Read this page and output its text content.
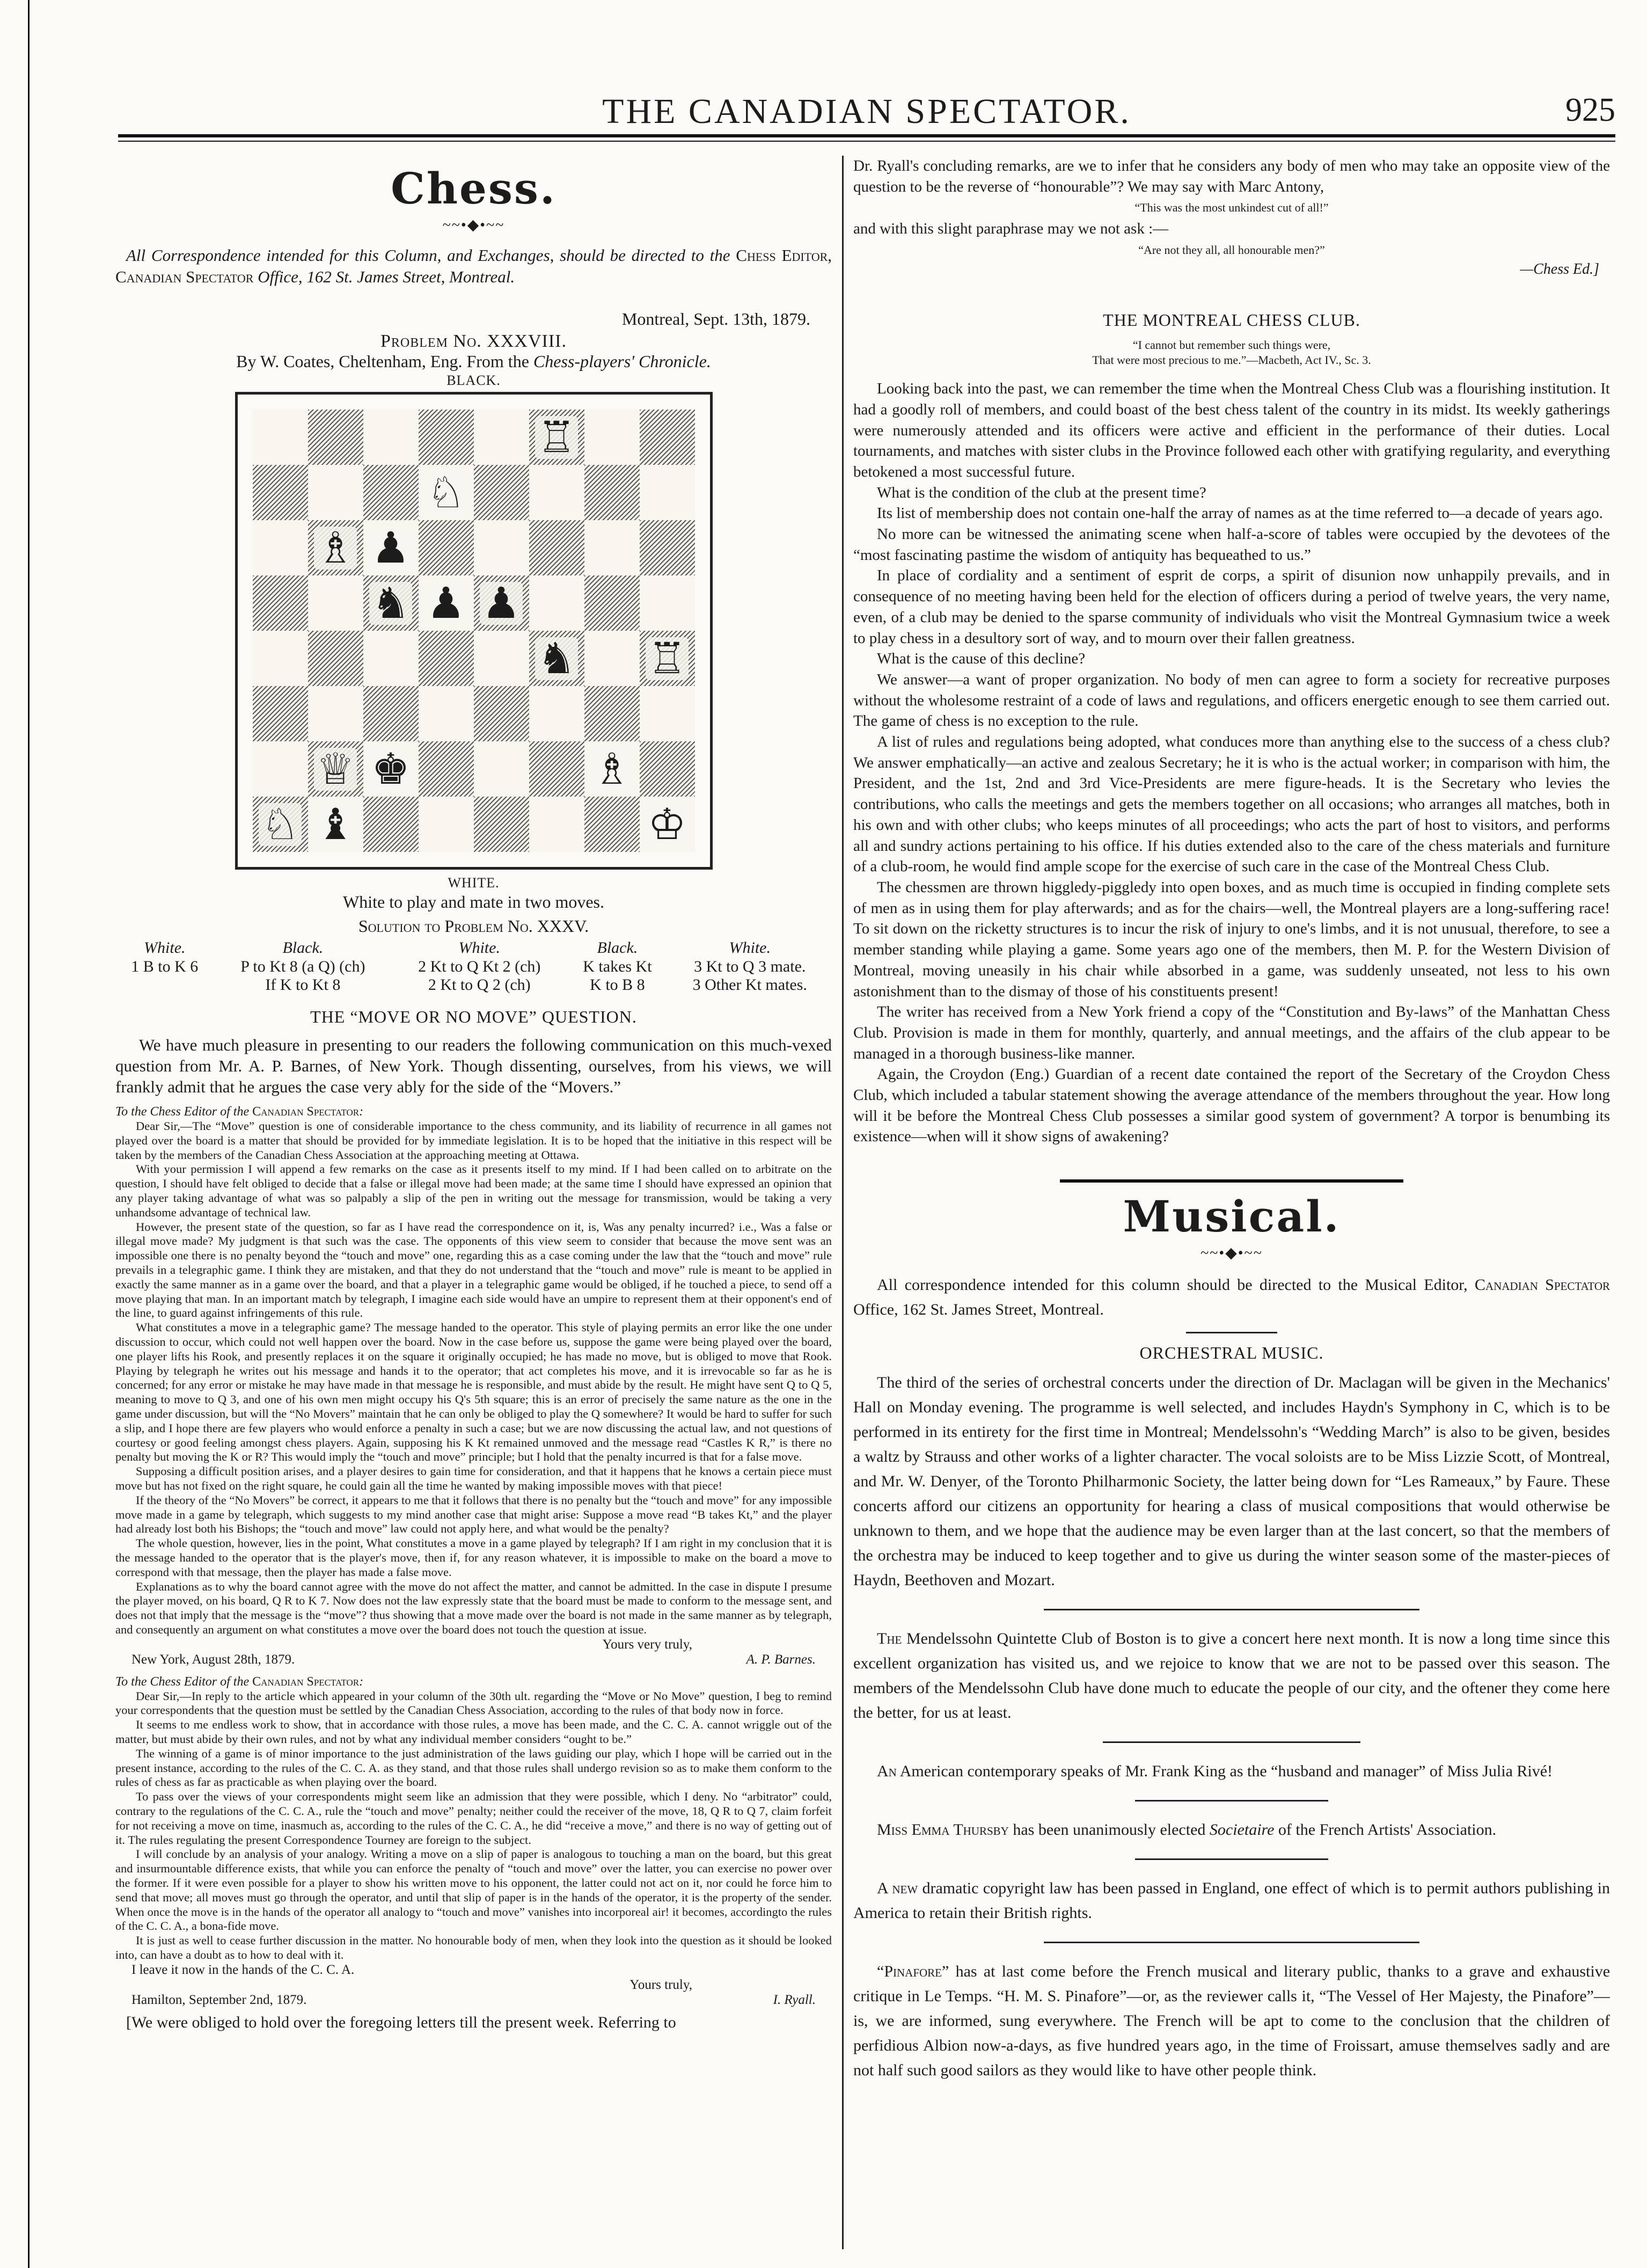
THE CANADIAN SPECTATOR.	925
Chess.
~~•◆•~~

All Correspondence intended for this Column, and Exchanges, should be directed to the Chess Editor, Canadian Spectator Office, 162 St. James Street, Montreal.

Montreal, Sept. 13th, 1879.
Problem No. XXXVIII.
By W. Coates, Cheltenham, Eng. From the Chess-players' Chronicle.
BLACK.
♖
♘
♗ ♟
♞ ♟ ♟
♞ ♖
♕ ♚	♗
♘ ♝	♔
WHITE.
White to play and mate in two moves.
Solution to Problem No. XXXV.
White.	Black.	White.	Black.	White.
1 B to K 6	P to Kt 8 (a Q) (ch)	2 Kt to Q Kt 2 (ch)	K takes Kt	3 Kt to Q 3 mate.
	If K to Kt 8	2 Kt to Q 2 (ch)	K to B 8	3 Other Kt mates.
THE “MOVE OR NO MOVE” QUESTION.

We have much pleasure in presenting to our readers the following communication on this much-vexed question from Mr. A. P. Barnes, of New York. Though dissenting, ourselves, from his views, we will frankly admit that he argues the case very ably for the side of the “Movers.”

To the Chess Editor of the Canadian Spectator:

Dear Sir,—The “Move” question is one of considerable importance to the chess community, and its liability of recurrence in all games not played over the board is a matter that should be provided for by immediate legislation. It is to be hoped that the initiative in this respect will be taken by the members of the Canadian Chess Association at the approaching meeting at Ottawa.

With your permission I will append a few remarks on the case as it presents itself to my mind. If I had been called on to arbitrate on the question, I should have felt obliged to decide that a false or illegal move had been made; at the same time I should have expressed an opinion that any player taking advantage of what was so palpably a slip of the pen in writing out the message for transmission, would be taking a very unhandsome advantage of technical law.

However, the present state of the question, so far as I have read the correspondence on it, is, Was any penalty incurred? i.e., Was a false or illegal move made? My judgment is that such was the case. The opponents of this view seem to consider that because the move sent was an impossible one there is no penalty beyond the “touch and move” one, regarding this as a case coming under the law that the “touch and move” rule prevails in a telegraphic game. I think they are mistaken, and that they do not understand that the “touch and move” rule is meant to be applied in exactly the same manner as in a game over the board, and that a player in a telegraphic game would be obliged, if he touched a piece, to send off a move playing that man. In an important match by telegraph, I imagine each side would have an umpire to represent them at their opponent's end of the line, to guard against infringements of this rule.

What constitutes a move in a telegraphic game? The message handed to the operator. This style of playing permits an error like the one under discussion to occur, which could not well happen over the board. Now in the case before us, suppose the game were being played over the board, one player lifts his Rook, and presently replaces it on the square it originally occupied; he has made no move, but is obliged to move that Rook. Playing by telegraph he writes out his message and hands it to the operator; that act completes his move, and it is irrevocable so far as he is concerned; for any error or mistake he may have made in that message he is responsible, and must abide by the result. He might have sent Q to Q 5, meaning to move to Q 3, and one of his own men might occupy his Q's 5th square; this is an error of precisely the same nature as the one in the game under discussion, but will the “No Movers” maintain that he can only be obliged to play the Q somewhere? It would be hard to suffer for such a slip, and I hope there are few players who would enforce a penalty in such a case; but we are now discussing the actual law, and not questions of courtesy or good feeling amongst chess players. Again, supposing his K Kt remained unmoved and the message read “Castles K R,” is there no penalty but moving the K or R? This would imply the “touch and move” principle; but I hold that the penalty incurred is that for a false move.

Supposing a difficult position arises, and a player desires to gain time for consideration, and that it happens that he knows a certain piece must move but has not fixed on the right square, he could gain all the time he wanted by making impossible moves with that piece!

If the theory of the “No Movers” be correct, it appears to me that it follows that there is no penalty but the “touch and move” for any impossible move made in a game by telegraph, which suggests to my mind another case that might arise: Suppose a move read “B takes Kt,” and the player had already lost both his Bishops; the “touch and move” law could not apply here, and what would be the penalty?

The whole question, however, lies in the point, What constitutes a move in a game played by telegraph? If I am right in my conclusion that it is the message handed to the operator that is the player's move, then if, for any reason whatever, it is impossible to make on the board a move to correspond with that message, then the player has made a false move.

Explanations as to why the board cannot agree with the move do not affect the matter, and cannot be admitted. In the case in dispute I presume the player moved, on his board, Q R to K 7. Now does not the law expressly state that the board must be made to conform to the message sent, and does not that imply that the message is the “move”? thus showing that a move made over the board is not made in the same manner as by telegraph, and consequently an argument on what constitutes a move over the board does not touch the question at issue.

Yours very truly,
New York, August 28th, 1879.	A. P. Barnes.
To the Chess Editor of the Canadian Spectator:

Dear Sir,—In reply to the article which appeared in your column of the 30th ult. regarding the “Move or No Move” question, I beg to remind your correspondents that the question must be settled by the Canadian Chess Association, according to the rules of that body now in force.

It seems to me endless work to show, that in accordance with those rules, a move has been made, and the C. C. A. cannot wriggle out of the matter, but must abide by their own rules, and not by what any individual member considers “ought to be.”

The winning of a game is of minor importance to the just administration of the laws guiding our play, which I hope will be carried out in the present instance, according to the rules of the C. C. A. as they stand, and that those rules shall undergo revision so as to make them conform to the rules of chess as far as practicable as when playing over the board.

To pass over the views of your correspondents might seem like an admission that they were possible, which I deny. No “arbitrator” could, contrary to the regulations of the C. C. A., rule the “touch and move” penalty; neither could the receiver of the move, 18, Q R to Q 7, claim forfeit for not receiving a move on time, inasmuch as, according to the rules of the C. C. A., he did “receive a move,” and there is no way of getting out of it. The rules regulating the present Correspondence Tourney are foreign to the subject.

I will conclude by an analysis of your analogy. Writing a move on a slip of paper is analogous to touching a man on the board, but this great and insurmountable difference exists, that while you can enforce the penalty of “touch and move” over the latter, you can exercise no power over the former. If it were even possible for a player to show his written move to his opponent, the latter could not act on it, nor could he force him to send that move; all moves must go through the operator, and until that slip of paper is in the hands of the operator, it is the property of the sender. When once the move is in the hands of the operator all analogy to “touch and move” vanishes into incorporeal air! it becomes, accordingto the rules of the C. C. A., a bona-fide move.

It is just as well to cease further discussion in the matter. No honourable body of men, when they look into the question as it should be looked into, can have a doubt as to how to deal with it.

I leave it now in the hands of the C. C. A.
Yours truly,
Hamilton, September 2nd, 1879.	I. Ryall.

[We were obliged to hold over the foregoing letters till the present week. Referring to

Dr. Ryall's concluding remarks, are we to infer that he considers any body of men who may take an opposite view of the question to be the reverse of “honourable”? We may say with Marc Antony,

“This was the most unkindest cut of all!”

and with this slight paraphrase may we not ask :—

“Are not they all, all honourable men?”
—Chess Ed.]
THE MONTREAL CHESS CLUB.
“I cannot but remember such things were,
That were most precious to me.”—Macbeth, Act IV., Sc. 3.

Looking back into the past, we can remember the time when the Montreal Chess Club was a flourishing institution. It had a goodly roll of members, and could boast of the best chess talent of the country in its midst. Its weekly gatherings were numerously attended and its officers were active and efficient in the performance of their duties. Local tournaments, and matches with sister clubs in the Province followed each other with gratifying regularity, and everything betokened a most successful future.

What is the condition of the club at the present time?

Its list of membership does not contain one-half the array of names as at the time referred to—a decade of years ago.

No more can be witnessed the animating scene when half-a-score of tables were occupied by the devotees of the “most fascinating pastime the wisdom of antiquity has bequeathed to us.”

In place of cordiality and a sentiment of esprit de corps, a spirit of disunion now unhappily prevails, and in consequence of no meeting having been held for the election of officers during a period of twelve years, the very name, even, of a club may be denied to the sparse community of individuals who visit the Montreal Gymnasium twice a week to play chess in a desultory sort of way, and to mourn over their fallen greatness.

What is the cause of this decline?

We answer—a want of proper organization. No body of men can agree to form a society for recreative purposes without the wholesome restraint of a code of laws and regulations, and officers energetic enough to see them carried out. The game of chess is no exception to the rule.

A list of rules and regulations being adopted, what conduces more than anything else to the success of a chess club? We answer emphatically—an active and zealous Secretary; he it is who is the actual worker; in comparison with him, the President, and the 1st, 2nd and 3rd Vice-Presidents are mere figure-heads. It is the Secretary who levies the contributions, who calls the meetings and gets the members together on all occasions; who arranges all matches, both in his own and with other clubs; who keeps minutes of all proceedings; who acts the part of host to visitors, and performs all and sundry actions pertaining to his office. If his duties extended also to the care of the chess materials and furniture of a club-room, he would find ample scope for the exercise of such care in the case of the Montreal Chess Club.

The chessmen are thrown higgledy-piggledy into open boxes, and as much time is occupied in finding complete sets of men as in using them for play afterwards; and as for the chairs—well, the Montreal players are a long-suffering race! To sit down on the ricketty structures is to incur the risk of injury to one's limbs, and it is not unusual, therefore, to see a member standing while playing a game. Some years ago one of the members, then M. P. for the Western Division of Montreal, moving uneasily in his chair while absorbed in a game, was suddenly unseated, not less to his own astonishment than to the dismay of those of his constituents present!

The writer has received from a New York friend a copy of the “Constitution and By-laws” of the Manhattan Chess Club. Provision is made in them for monthly, quarterly, and annual meetings, and the affairs of the club appear to be managed in a thorough business-like manner.

Again, the Croydon (Eng.) Guardian of a recent date contained the report of the Secretary of the Croydon Chess Club, which included a tabular statement showing the average attendance of the members throughout the year. How long will it be before the Montreal Chess Club possesses a similar good system of government? A torpor is benumbing its existence—when will it show signs of awakening?

Musical.
~~•◆•~~

All correspondence intended for this column should be directed to the Musical Editor, Canadian Spectator Office, 162 St. James Street, Montreal.

ORCHESTRAL MUSIC.

The third of the series of orchestral concerts under the direction of Dr. Maclagan will be given in the Mechanics' Hall on Monday evening. The programme is well selected, and includes Haydn's Symphony in C, which is to be performed in its entirety for the first time in Montreal; Mendelssohn's “Wedding March” is also to be given, besides a waltz by Strauss and other works of a lighter character. The vocal soloists are to be Miss Lizzie Scott, of Montreal, and Mr. W. Denyer, of the Toronto Philharmonic Society, the latter being down for “Les Rameaux,” by Faure. These concerts afford our citizens an opportunity for hearing a class of musical compositions that would otherwise be unknown to them, and we hope that the audience may be even larger than at the last concert, so that the members of the orchestra may be induced to keep together and to give us during the winter season some of the master-pieces of Haydn, Beethoven and Mozart.

The Mendelssohn Quintette Club of Boston is to give a concert here next month. It is now a long time since this excellent organization has visited us, and we rejoice to know that we are not to be passed over this season. The members of the Mendelssohn Club have done much to educate the people of our city, and the oftener they come here the better, for us at least.

An American contemporary speaks of Mr. Frank King as the “husband and manager” of Miss Julia Rivé!

Miss Emma Thursby has been unanimously elected Societaire of the French Artists' Association.

A new dramatic copyright law has been passed in England, one effect of which is to permit authors publishing in America to retain their British rights.

“Pinafore” has at last come before the French musical and literary public, thanks to a grave and exhaustive critique in Le Temps. “H. M. S. Pinafore”—or, as the reviewer calls it, “The Vessel of Her Majesty, the Pinafore”—is, we are informed, sung everywhere. The French will be apt to come to the conclusion that the children of perfidious Albion now-a-days, as five hundred years ago, in the time of Froissart, amuse themselves sadly and are not half such good sailors as they would like to have other people think.
